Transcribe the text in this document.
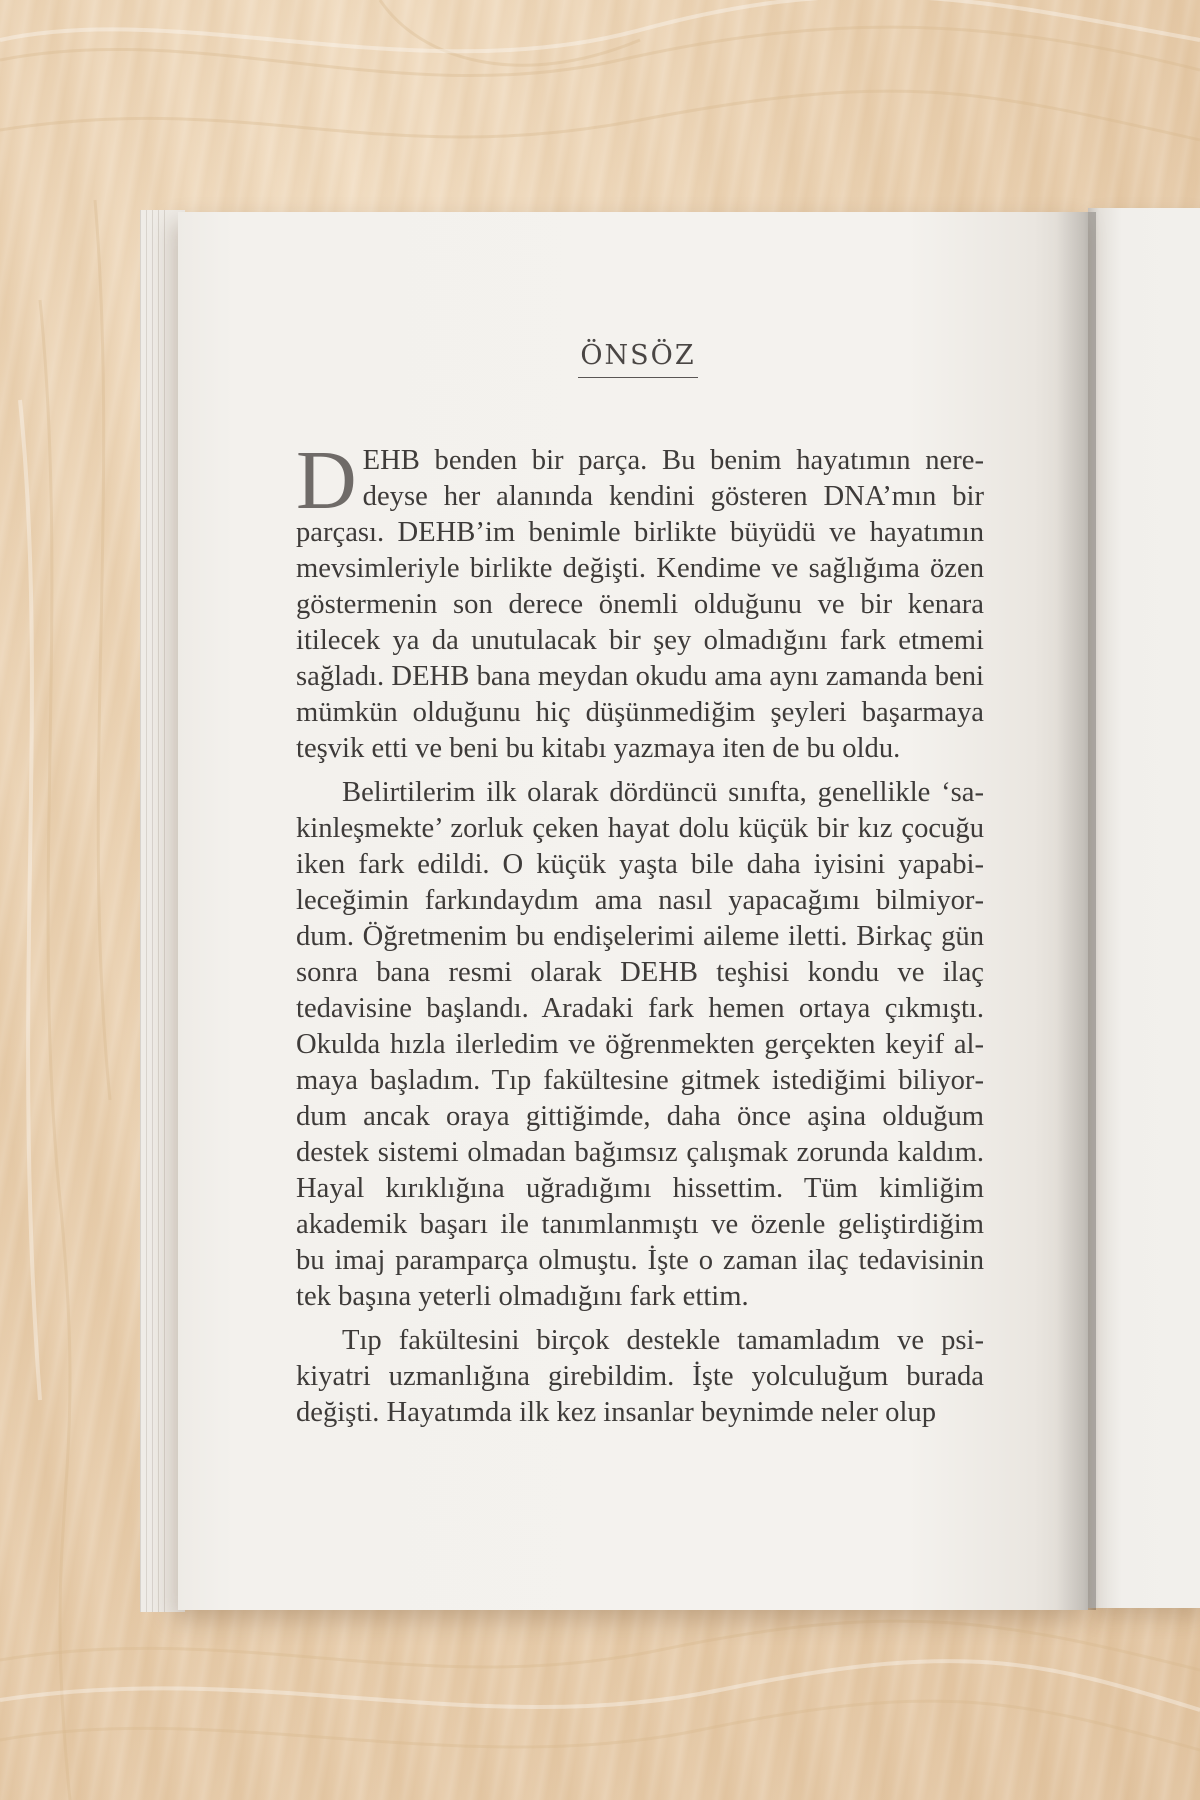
ÖNSÖZ

DEHB benden bir parça. Bu benim hayatımın neredeyse her alanında kendini gösteren DNA’mın bir parçası. DEHB’im benimle birlikte büyüdü ve hayatımın mevsimleriyle birlikte değişti. Kendime ve sağlığıma özen göstermenin son derece önemli olduğunu ve bir kenara itilecek ya da unutulacak bir şey olmadığını fark etmemi sağladı. DEHB bana meydan okudu ama aynı zamanda beni mümkün olduğunu hiç düşünmediğim şeyleri başarmaya teşvik etti ve beni bu kitabı yazmaya iten de bu oldu.

Belirtilerim ilk olarak dördüncü sınıfta, genellikle ‘sakinleşmekte’ zorluk çeken hayat dolu küçük bir kız çocuğu iken fark edildi. O küçük yaşta bile daha iyisini yapabileceğimin farkındaydım ama nasıl yapacağımı bilmiyordum. Öğretmenim bu endişelerimi aileme iletti. Birkaç gün sonra bana resmi olarak DEHB teşhisi kondu ve ilaç tedavisine başlandı. Aradaki fark hemen ortaya çıkmıştı. Okulda hızla ilerledim ve öğrenmekten gerçekten keyif almaya başladım. Tıp fakültesine gitmek istediğimi biliyordum ancak oraya gittiğimde, daha önce aşina olduğum destek sistemi olmadan bağımsız çalışmak zorunda kaldım. Hayal kırıklığına uğradığımı hissettim. Tüm kimliğim akademik başarı ile tanımlanmıştı ve özenle geliştirdiğim bu imaj paramparça olmuştu. İşte o zaman ilaç tedavisinin tek başına yeterli olmadığını fark ettim.

Tıp fakültesini birçok destekle tamamladım ve psikiyatri uzmanlığına girebildim. İşte yolculuğum burada değişti. Hayatımda ilk kez insanlar beynimde neler olup
